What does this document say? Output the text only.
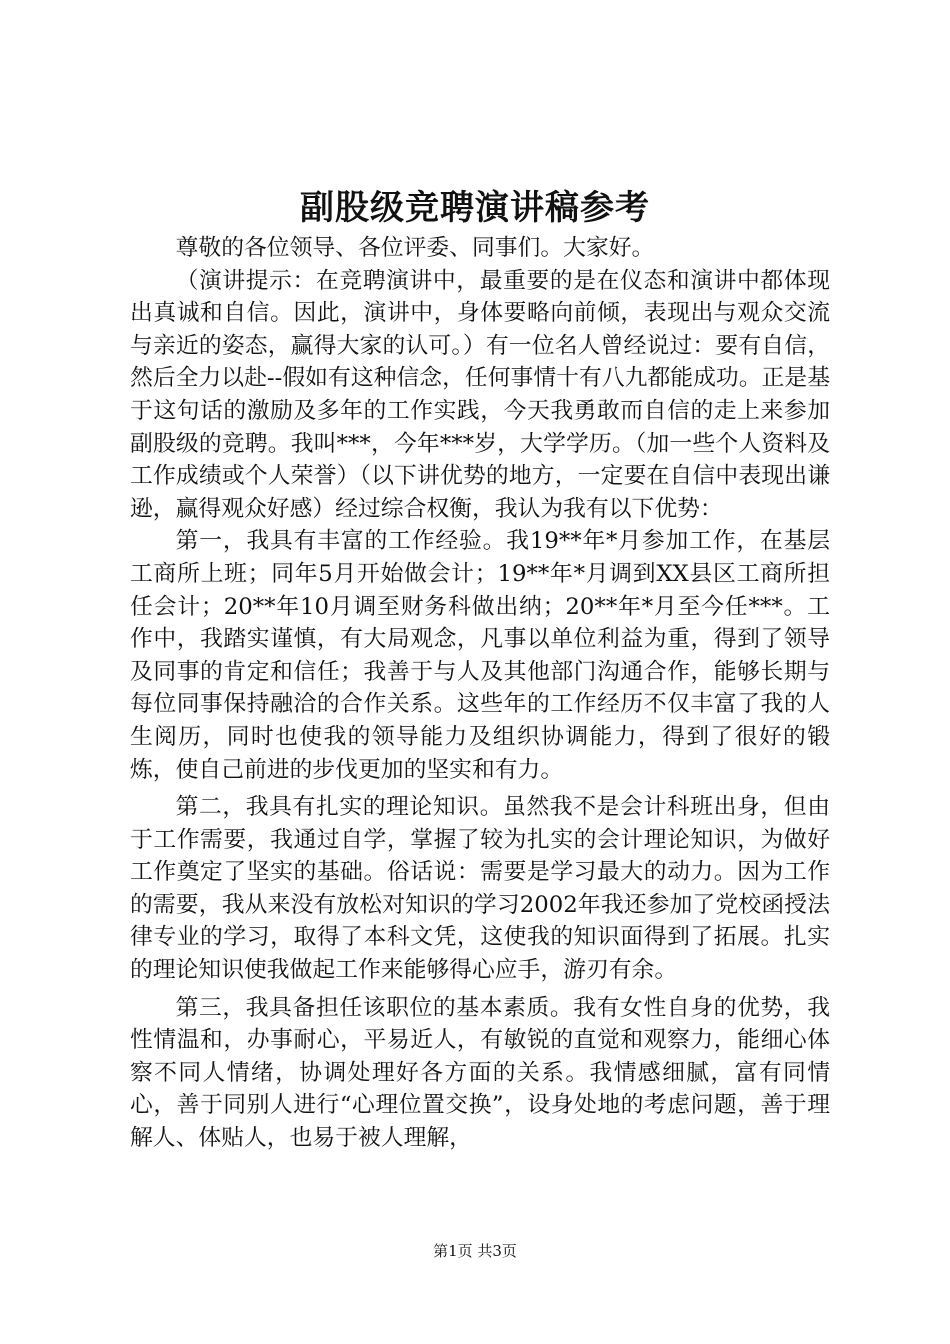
副股级竞聘演讲稿参考

尊敬的各位领导、各位评委、同事们。大家好。

（演讲提示：在竞聘演讲中，最重要的是在仪态和演讲中都体现出真诚和自信。因此，演讲中，身体要略向前倾，表现出与观众交流与亲近的姿态，赢得大家的认可。）有一位名人曾经说过：要有自信，然后全力以赴--假如有这种信念，任何事情十有八九都能成功。正是基于这句话的激励及多年的工作实践，今天我勇敢而自信的走上来参加副股级的竞聘。我叫***，今年***岁，大学学历。（加一些个人资料及工作成绩或个人荣誉）（以下讲优势的地方，一定要在自信中表现出谦逊，赢得观众好感）经过综合权衡，我认为我有以下优势：

第一，我具有丰富的工作经验。我19**年*月参加工作，在基层工商所上班；同年5月开始做会计；19**年*月调到XX县区工商所担任会计；20**年10月调至财务科做出纳；20**年*月至今任***。工作中，我踏实谨慎，有大局观念，凡事以单位利益为重，得到了领导及同事的肯定和信任；我善于与人及其他部门沟通合作，能够长期与每位同事保持融洽的合作关系。这些年的工作经历不仅丰富了我的人生阅历，同时也使我的领导能力及组织协调能力，得到了很好的锻炼，使自己前进的步伐更加的坚实和有力。

第二，我具有扎实的理论知识。虽然我不是会计科班出身，但由于工作需要，我通过自学，掌握了较为扎实的会计理论知识，为做好工作奠定了坚实的基础。俗话说：需要是学习最大的动力。因为工作的需要，我从来没有放松对知识的学习2002年我还参加了党校函授法律专业的学习，取得了本科文凭，这使我的知识面得到了拓展。扎实的理论知识使我做起工作来能够得心应手，游刃有余。

第三，我具备担任该职位的基本素质。我有女性自身的优势，我性情温和，办事耐心，平易近人，有敏锐的直觉和观察力，能细心体察不同人情绪，协调处理好各方面的关系。我情感细腻，富有同情心，善于同别人进行“心理位置交换”，设身处地的考虑问题，善于理解人、体贴人，也易于被人理解，

第1页 共3页
